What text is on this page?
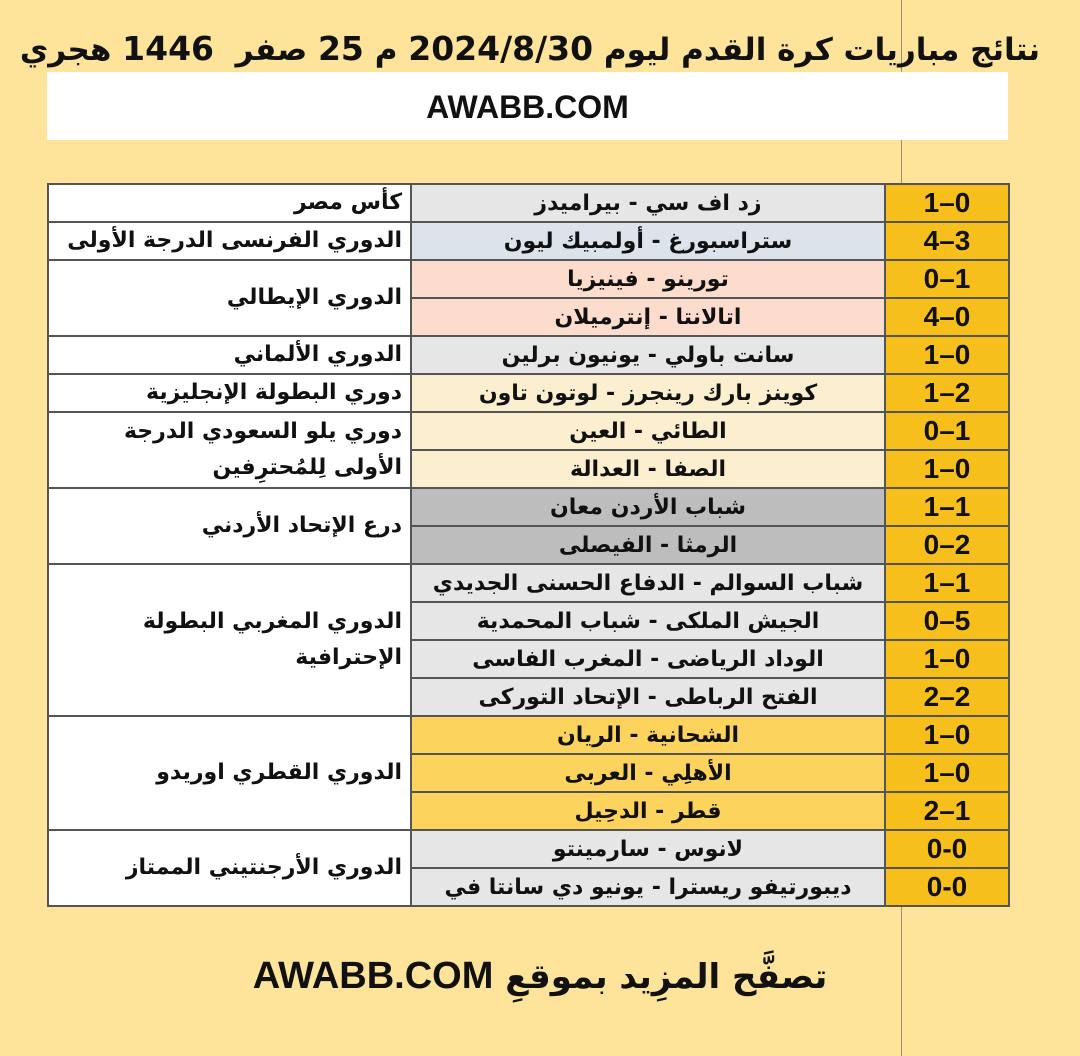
نتائج مباريات كرة القدم ليوم 2024/8/30 م 25 صفر  1446 هجري
AWABB.COM
1–0	زد اف سي - بيراميدز	كأس مصر
4–3	ستراسبورغ - أولمبيك ليون	الدوري الفرنسى الدرجة الأولى
0–1	تورينو - فينيزيا	الدوري الإيطالي
4–0	اتالانتا - إنترميلان	
1–0	سانت باولي - يونيون برلين	الدوري الألماني
1–2	كوينز بارك رينجرز - لوتون تاون	دوري البطولة الإنجليزية
0–1	الطائي - العين	دوري يلو السعودي الدرجة الأولى لِلمُحترِفين
1–0	الصفا - العدالة	
1–1	شباب الأردن معان	درع الإتحاد الأردني
0–2	الرمثا - الفيصلى	
1–1	شباب السوالم - الدفاع الحسنى الجديدي	الدوري المغربي البطولة الإحترافية
0–5	الجيش الملكى - شباب المحمدية	
1–0	الوداد الرياضى - المغرب الفاسى	
2–2	الفتح الرباطى - الإتحاد التوركى	
1–0	الشحانية - الريان	الدوري القطري اوريدو
1–0	الأهلِي - العربى	
2–1	قطر - الدحِيل	
0-0	لانوس - سارمينتو	الدوري الأرجنتيني الممتاز
0-0	ديبورتيفو ريسترا - يونيو دي سانتا في	
تصفَّح المزِيد بموقعِ AWABB.COM
